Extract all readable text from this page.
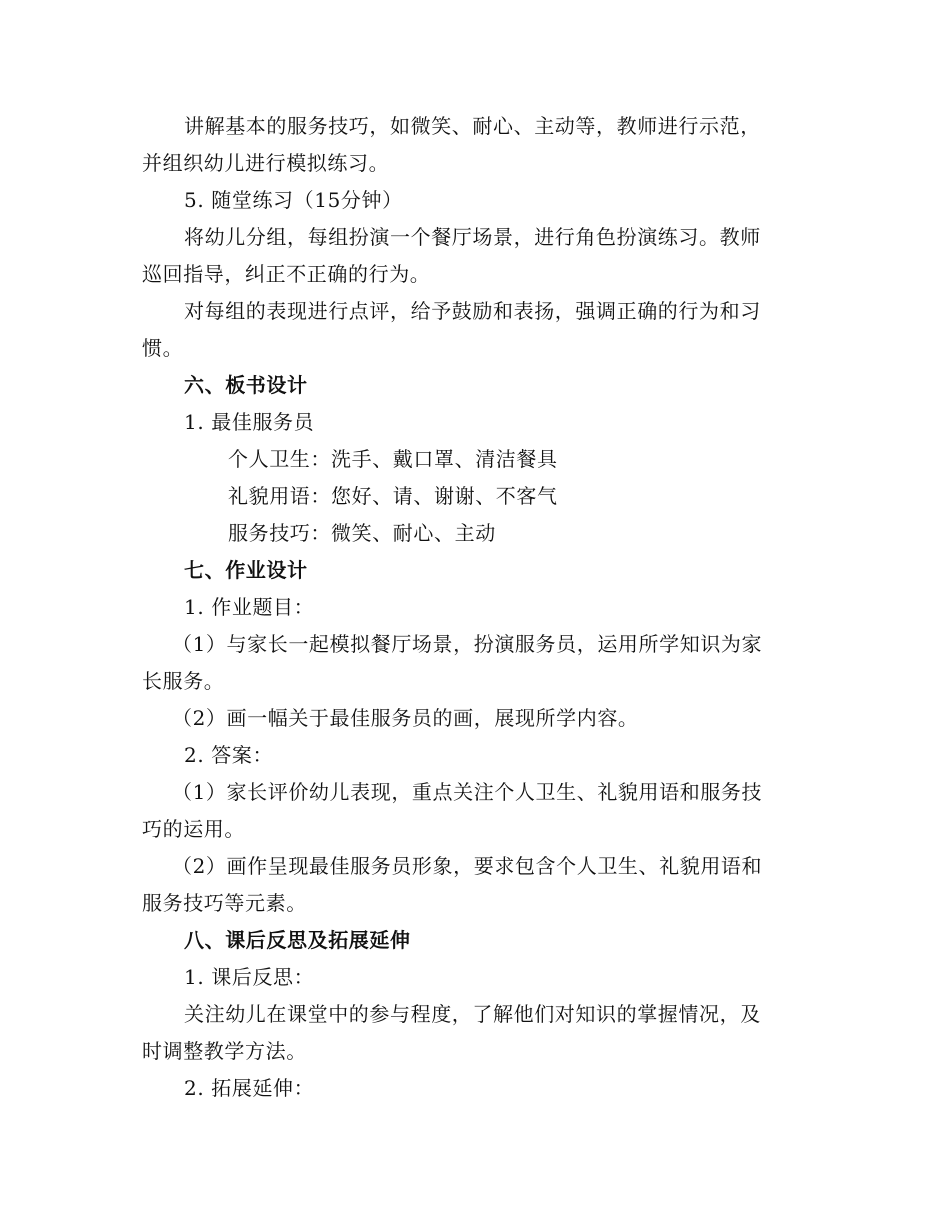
讲解基本的服务技巧，如微笑、耐心、主动等，教师进行示范，
并组织幼儿进行模拟练习。
5. 随堂练习（15分钟）
将幼儿分组，每组扮演一个餐厅场景，进行角色扮演练习。教师
巡回指导，纠正不正确的行为。
对每组的表现进行点评，给予鼓励和表扬，强调正确的行为和习
惯。
六、板书设计
1. 最佳服务员
个人卫生：洗手、戴口罩、清洁餐具
礼貌用语：您好、请、谢谢、不客气
服务技巧：微笑、耐心、主动
七、作业设计
1. 作业题目：
（1）与家长一起模拟餐厅场景，扮演服务员，运用所学知识为家
长服务。
（2）画一幅关于最佳服务员的画，展现所学内容。
2. 答案：
（1）家长评价幼儿表现，重点关注个人卫生、礼貌用语和服务技
巧的运用。
（2）画作呈现最佳服务员形象，要求包含个人卫生、礼貌用语和
服务技巧等元素。
八、课后反思及拓展延伸
1. 课后反思：
关注幼儿在课堂中的参与程度，了解他们对知识的掌握情况，及
时调整教学方法。
2. 拓展延伸：
